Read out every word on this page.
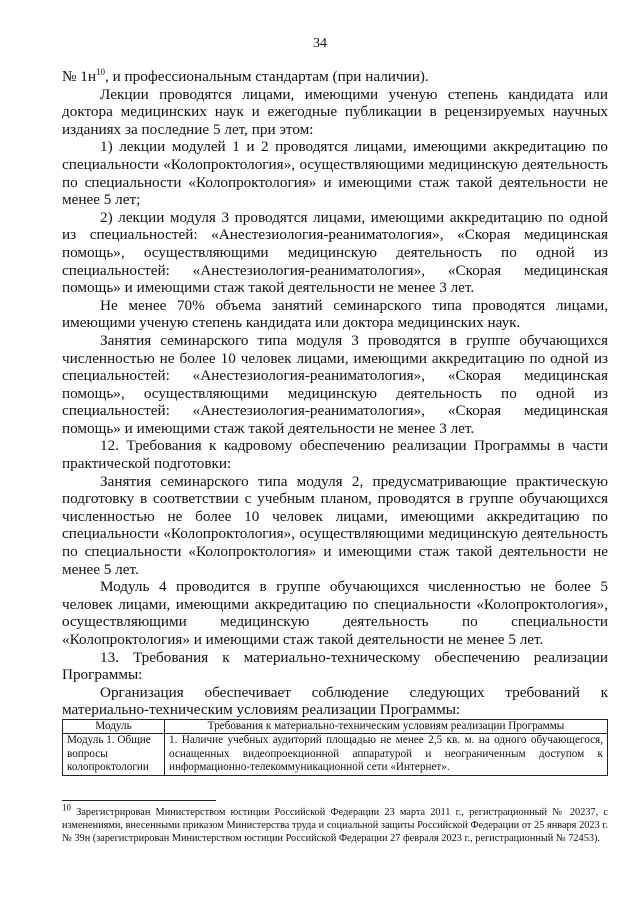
34

№ $1н^{10}$, и профессиональным стандартам (при наличии).

Лекции проводятся лицами, имеющими ученую степень кандидата или доктора медицинских наук и ежегодные публикации в рецензируемых научных изданиях за последние 5 лет, при этом:

1) лекции модулей 1 и 2 проводятся лицами, имеющими аккредитацию по специальности «Колопроктология», осуществляющими медицинскую деятельность по специальности «Колопроктология» и имеющими стаж такой деятельности не менее 5 лет;

2) лекции модуля 3 проводятся лицами, имеющими аккредитацию по одной из специальностей: «Анестезиология-реаниматология», «Скорая медицинская помощь», осуществляющими медицинскую деятельность по одной из специальностей: «Анестезиология-реаниматология», «Скорая медицинская помощь» и имеющими стаж такой деятельности не менее 3 лет.

Не менее 70% объема занятий семинарского типа проводятся лицами, имеющими ученую степень кандидата или доктора медицинских наук.

Занятия семинарского типа модуля 3 проводятся в группе обучающихся численностью не более 10 человек лицами, имеющими аккредитацию по одной из специальностей: «Анестезиология-реаниматология», «Скорая медицинская помощь», осуществляющими медицинскую деятельность по одной из специальностей: «Анестезиология-реаниматология», «Скорая медицинская помощь» и имеющими стаж такой деятельности не менее 3 лет.

12. Требования к кадровому обеспечению реализации Программы в части практической подготовки:

Занятия семинарского типа модуля 2, предусматривающие практическую подготовку в соответствии с учебным планом, проводятся в группе обучающихся численностью не более 10 человек лицами, имеющими аккредитацию по специальности «Колопроктология», осуществляющими медицинскую деятельность по специальности «Колопроктология» и имеющими стаж такой деятельности не менее 5 лет.

Модуль 4 проводится в группе обучающихся численностью не более 5 человек лицами, имеющими аккредитацию по специальности «Колопроктология», осуществляющими медицинскую деятельность по специальности «Колопроктология» и имеющими стаж такой деятельности не менее 5 лет.

13. Требования к материально-техническому обеспечению реализации Программы:

Организация обеспечивает соблюдение следующих требований к материально-техническим условиям реализации Программы:

Модуль	Требования к материально-техническим условиям реализации Программы
Модуль 1. Общие вопросы колопроктологии	1. Наличие учебных аудиторий площадью не менее 2,5 кв. м. на одного обучающегося, оснащенных видеопроекционной аппаратурой и неограниченным доступом к информационно-телекоммуникационной сети «Интернет».
$^{10}$ Зарегистрирован Министерством юстиции Российской Федерации 23 марта 2011 г., регистрационный № 20237, с изменениями, внесенными приказом Министерства труда и социальной защиты Российской Федерации от 25 января 2023 г. № 39н (зарегистрирован Министерством юстиции Российской Федерации 27 февраля 2023 г., регистрационный № 72453).
